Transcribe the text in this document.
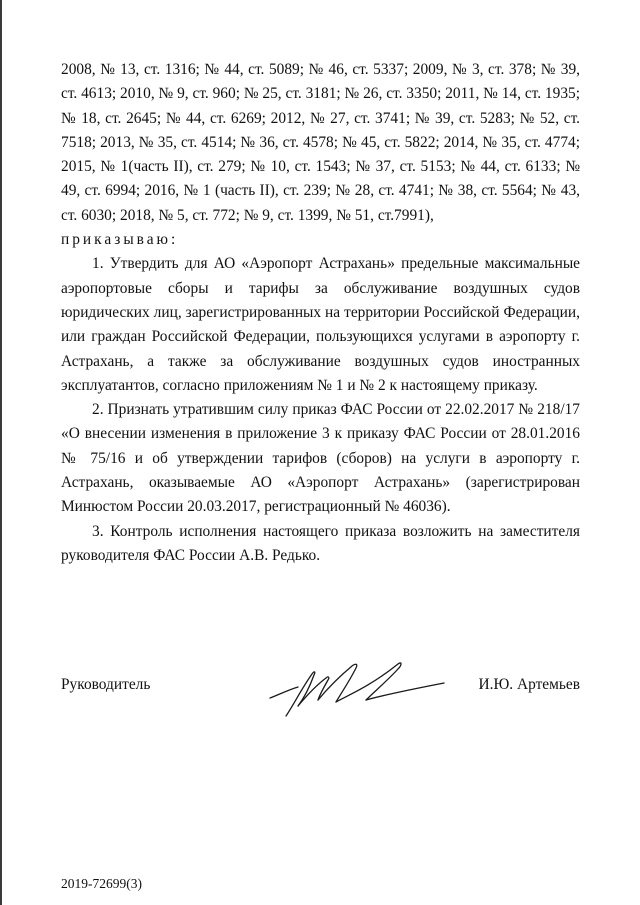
2008, № 13, ст. 1316; № 44, ст. 5089; № 46, ст. 5337; 2009, № 3, ст. 378; № 39, ст. 4613; 2010, № 9, ст. 960; № 25, ст. 3181; № 26, ст. 3350; 2011, № 14, ст. 1935; № 18, ст. 2645; № 44, ст. 6269; 2012, № 27, ст. 3741; № 39, ст. 5283; № 52, ст. 7518; 2013, № 35, ст. 4514; № 36, ст. 4578; № 45, ст. 5822; 2014, № 35, ст. 4774; 2015, № 1(часть II), ст. 279; № 10, ст. 1543; № 37, ст. 5153; № 44, ст. 6133; № 49, ст. 6994; 2016, № 1 (часть II), ст. 239; № 28, ст. 4741; № 38, ст. 5564; № 43, ст. 6030; 2018, № 5, ст. 772; № 9, ст. 1399, № 51, ст.7991),

приказываю:

1. Утвердить для АО «Аэропорт Астрахань» предельные максимальные аэропортовые сборы и тарифы за обслуживание воздушных судов юридических лиц, зарегистрированных на территории Российской Федерации, или граждан Российской Федерации, пользующихся услугами в аэропорту г. Астрахань, а также за обслуживание воздушных судов иностранных эксплуатантов, согласно приложениям № 1 и № 2 к настоящему приказу.

2. Признать утратившим силу приказ ФАС России от 22.02.2017 № 218/17 «О внесении изменения в приложение 3 к приказу ФАС России от 28.01.2016 № 75/16 и об утверждении тарифов (сборов) на услуги в аэропорту г. Астрахань, оказываемые АО «Аэропорт Астрахань» (зарегистрирован Минюстом России 20.03.2017, регистрационный № 46036).

3. Контроль исполнения настоящего приказа возложить на заместителя руководителя ФАС России А.В. Редько.

Руководитель	И.Ю. Артемьев

2019-72699(3)
